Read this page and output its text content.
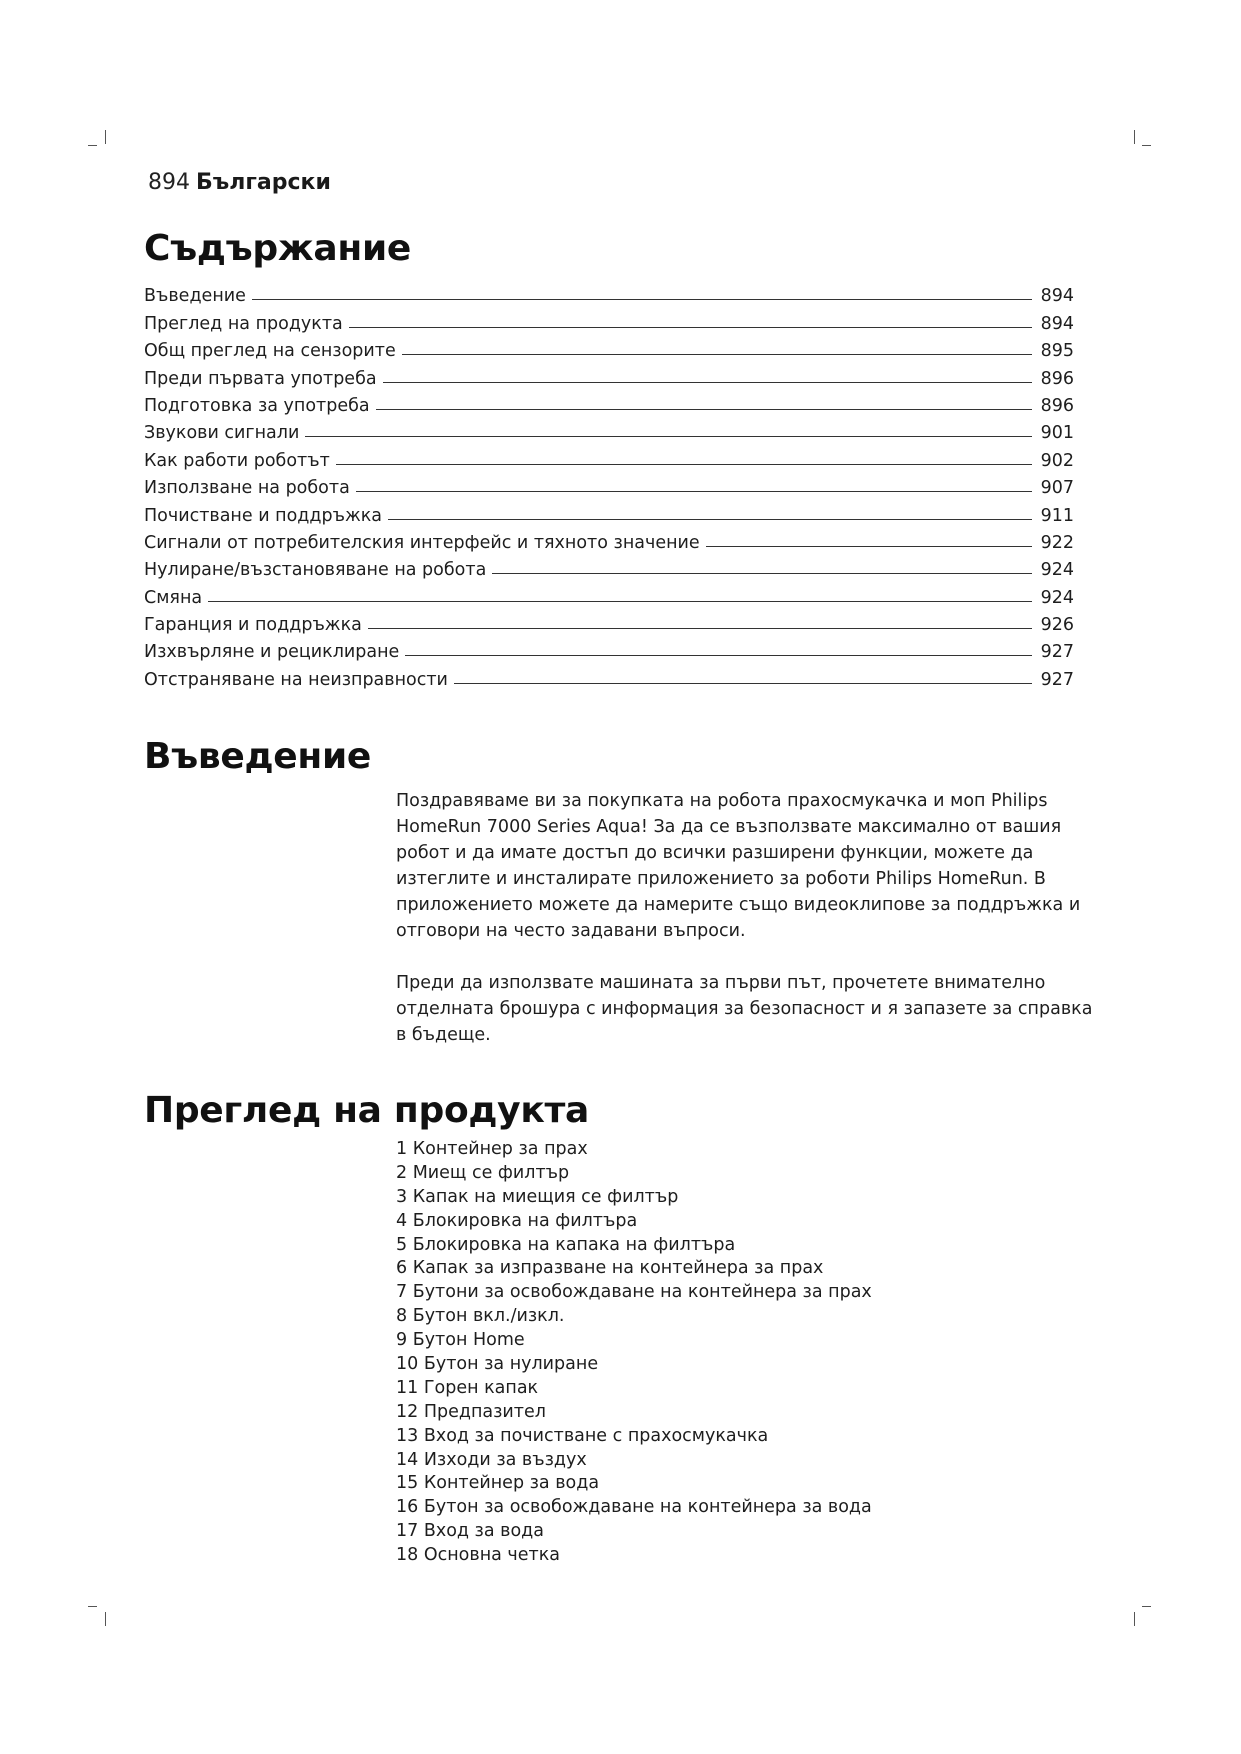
894 Български
Съдържание
Въведение	894
Преглед на продукта	894
Общ преглед на сензорите	895
Преди първата употреба	896
Подготовка за употреба	896
Звукови сигнали	901
Как работи роботът	902
Използване на робота	907
Почистване и поддръжка	911
Сигнали от потребителския интерфейс и тяхното значение	922
Нулиране/възстановяване на робота	924
Смяна	924
Гаранция и поддръжка	926
Изхвърляне и рециклиране	927
Отстраняване на неизправности	927
Въведение

Поздравяваме ви за покупката на робота прахосмукачка и моп Philips HomeRun 7000 Series Aqua! За да се възползвате максимално от вашия робот и да имате достъп до всички разширени функции, можете да изтеглите и инсталирате приложението за роботи Philips HomeRun. В приложението можете да намерите също видеоклипове за поддръжка и отговори на често задавани въпроси.

Преди да използвате машината за първи път, прочетете внимателно отделната брошура с информация за безопасност и я запазете за справка в бъдеще.

Преглед на продукта
1 Контейнер за прах
2 Миещ се филтър
3 Капак на миещия се филтър
4 Блокировка на филтъра
5 Блокировка на капака на филтъра
6 Капак за изпразване на контейнера за прах
7 Бутони за освобождаване на контейнера за прах
8 Бутон вкл./изкл.
9 Бутон Home
10 Бутон за нулиране
11 Горен капак
12 Предпазител
13 Вход за почистване с прахосмукачка
14 Изходи за въздух
15 Контейнер за вода
16 Бутон за освобождаване на контейнера за вода
17 Вход за вода
18 Основна четка
